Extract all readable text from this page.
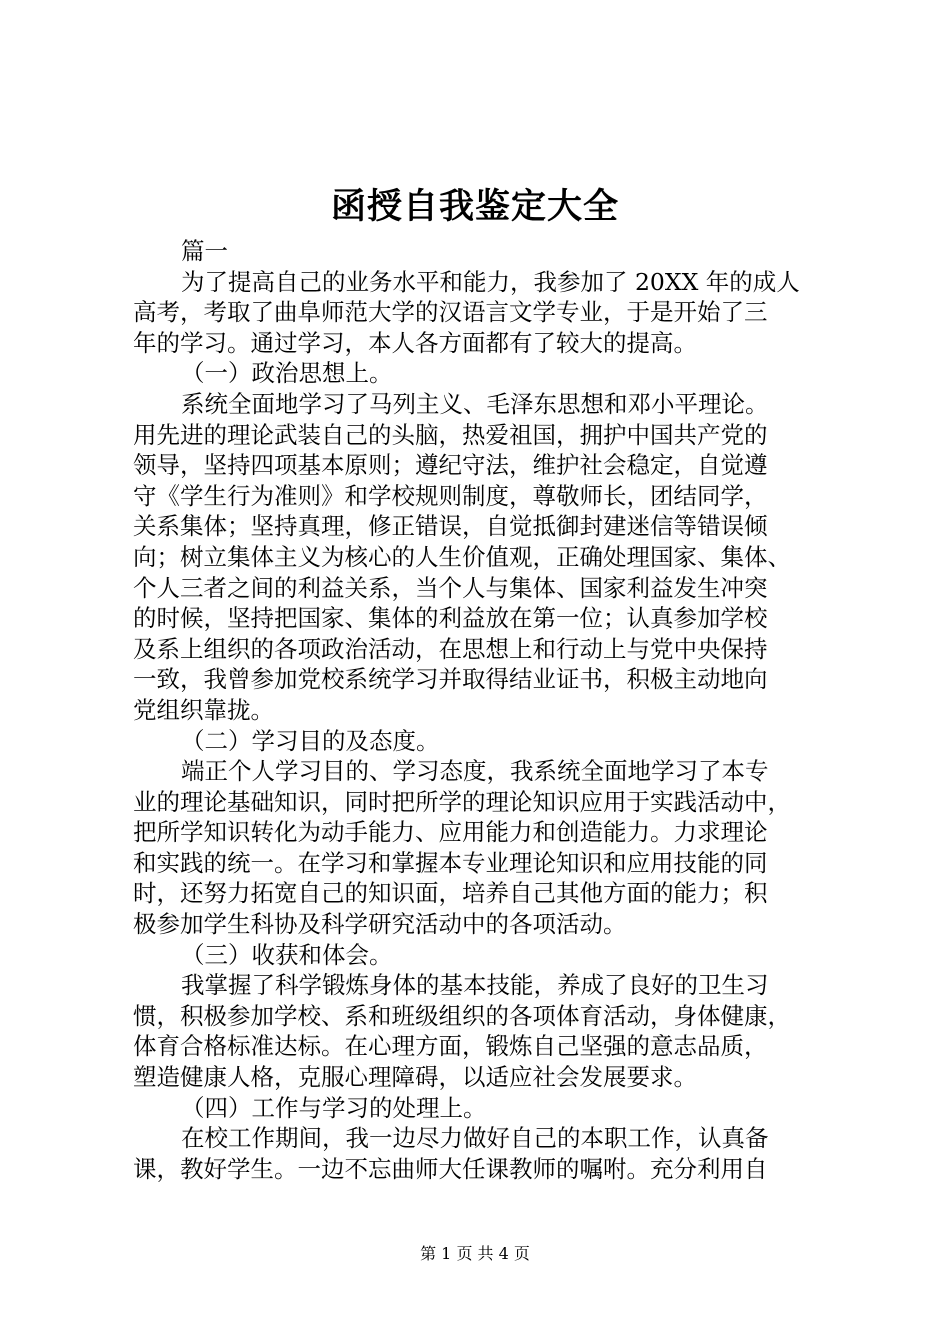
函授自我鉴定大全
篇一
为了提高自己的业务水平和能力，我参加了 20XX 年的成人
高考，考取了曲阜师范大学的汉语言文学专业，于是开始了三
年的学习。通过学习，本人各方面都有了较大的提高。
（一）政治思想上。
系统全面地学习了马列主义、毛泽东思想和邓小平理论。
用先进的理论武装自己的头脑，热爱祖国，拥护中国共产党的
领导，坚持四项基本原则；遵纪守法，维护社会稳定，自觉遵
守《学生行为准则》和学校规则制度，尊敬师长，团结同学，
关系集体；坚持真理，修正错误，自觉抵御封建迷信等错误倾
向；树立集体主义为核心的人生价值观，正确处理国家、集体、
个人三者之间的利益关系，当个人与集体、国家利益发生冲突
的时候，坚持把国家、集体的利益放在第一位；认真参加学校
及系上组织的各项政治活动，在思想上和行动上与党中央保持
一致，我曾参加党校系统学习并取得结业证书，积极主动地向
党组织靠拢。
（二）学习目的及态度。
端正个人学习目的、学习态度，我系统全面地学习了本专
业的理论基础知识，同时把所学的理论知识应用于实践活动中，
把所学知识转化为动手能力、应用能力和创造能力。力求理论
和实践的统一。在学习和掌握本专业理论知识和应用技能的同
时，还努力拓宽自己的知识面，培养自己其他方面的能力；积
极参加学生科协及科学研究活动中的各项活动。
（三）收获和体会。
我掌握了科学锻炼身体的基本技能，养成了良好的卫生习
惯，积极参加学校、系和班级组织的各项体育活动，身体健康，
体育合格标准达标。在心理方面，锻炼自己坚强的意志品质，
塑造健康人格，克服心理障碍，以适应社会发展要求。
（四）工作与学习的处理上。
在校工作期间，我一边尽力做好自己的本职工作，认真备
课，教好学生。一边不忘曲师大任课教师的嘱咐。充分利用自
第 1 页 共 4 页
